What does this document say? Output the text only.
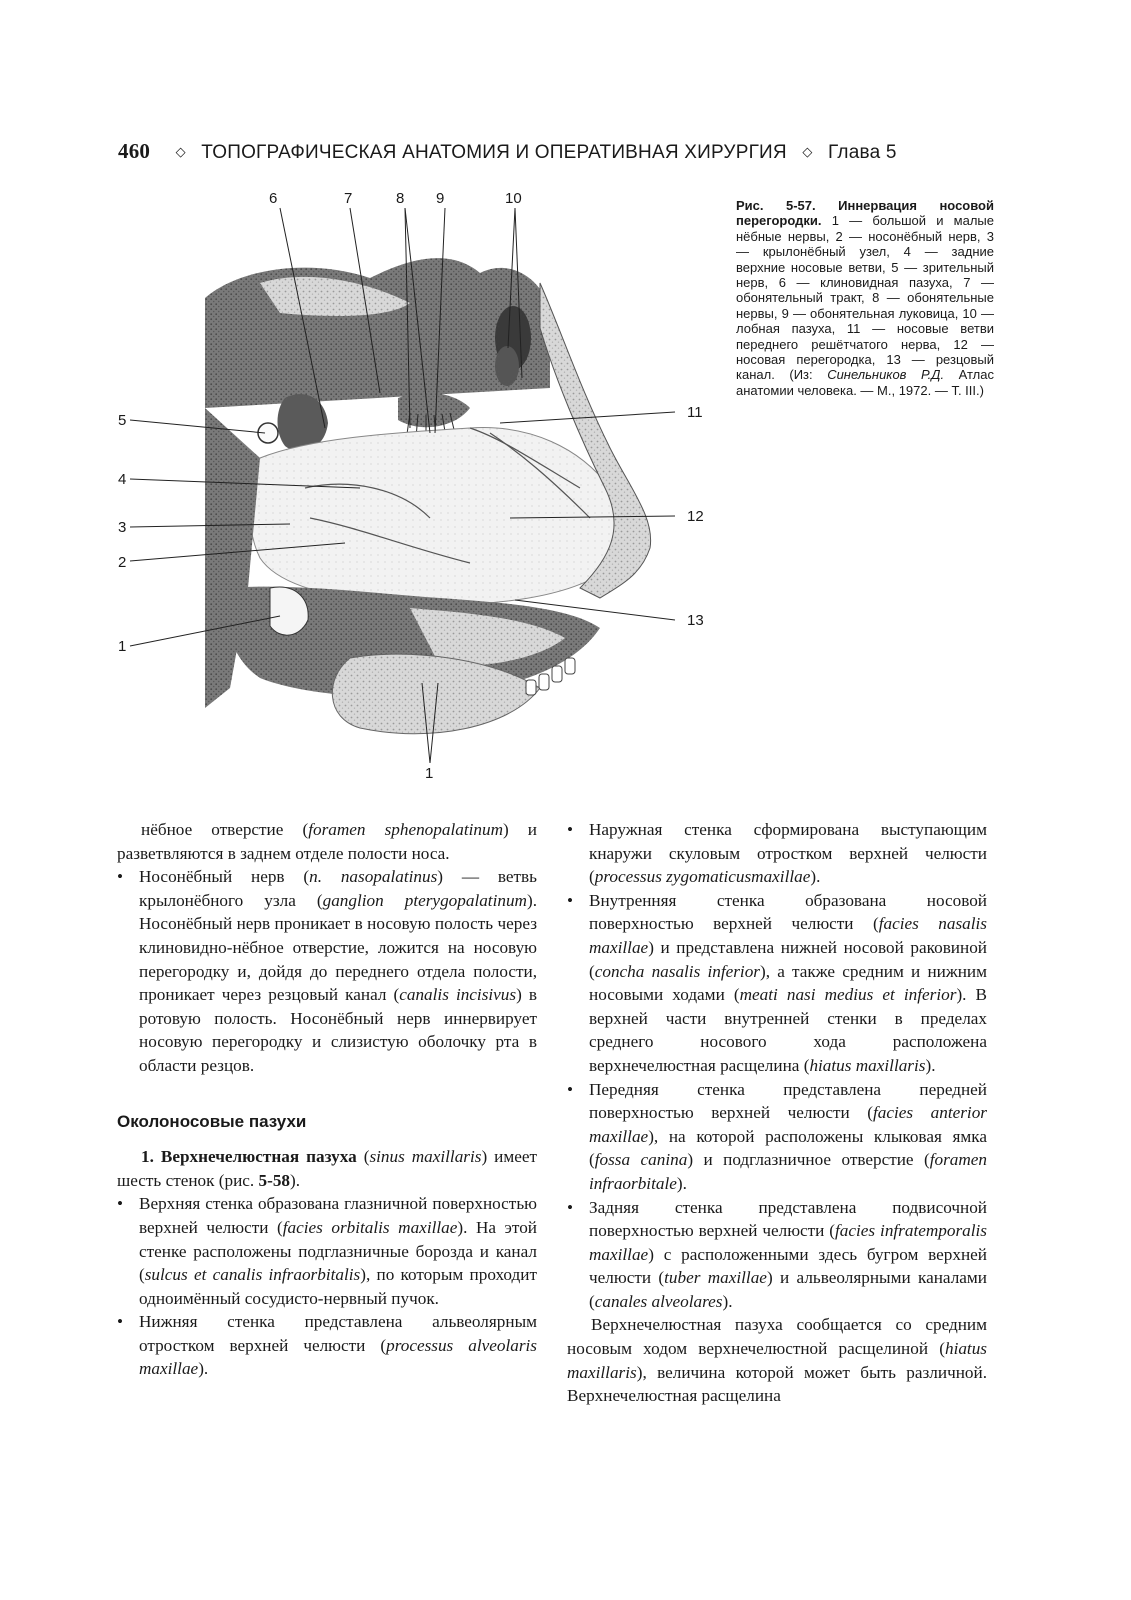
460 ◇ ТОПОГРАФИЧЕСКАЯ АНАТОМИЯ И ОПЕРАТИВНАЯ ХИРУРГИЯ ◇ Глава 5
6	7	8 9	10
5
4
3
2
1
11
12
13
1
Рис. 5-57. Иннервация носовой перегородки. 1 — большой и малые нёбные нервы, 2 — носонёбный нерв, 3 — крылонёбный узел, 4 — задние верхние носовые ветви, 5 — зрительный нерв, 6 — клиновидная пазуха, 7 — обонятельный тракт, 8 — обонятельные нервы, 9 — обонятельная луковица, 10 — лобная пазуха, 11 — носовые ветви переднего решётчатого нерва, 12 — носовая перегородка, 13 — резцовый канал. (Из: Синельников Р.Д. Атлас анатомии человека. — М., 1972. — Т. III.)

нёбное отверстие (foramen sphenopalatinum) и разветвляются в заднем отделе полости носа.

• Носонёбный нерв (n. nasopalatinus) — ветвь крылонёбного узла (ganglion pterygopalatinum). Носонёбный нерв проникает в носовую полость через клиновидно-нёбное отверстие, ложится на носовую перегородку и, дойдя до переднего отдела полости, проникает через резцовый канал (canalis incisivus) в ротовую полость. Носонёбный нерв иннервирует носовую перегородку и слизистую оболочку рта в области резцов.

Околоносовые пазухи

1. Верхнечелюстная пазуха (sinus maxillaris) имеет шесть стенок (рис. 5-58).

• Верхняя стенка образована глазничной поверхностью верхней челюсти (facies orbitalis maxillae). На этой стенке расположены подглазничные борозда и канал (sulcus et canalis infraorbitalis), по которым проходит одноимённый сосудисто-нервный пучок.

• Нижняя стенка представлена альвеолярным отростком верхней челюсти (processus alveolaris maxillae).

• Наружная стенка сформирована выступающим кнаружи скуловым отростком верхней челюсти (processus zygomaticusmaxillae).

• Внутренняя стенка образована носовой поверхностью верхней челюсти (facies nasalis maxillae) и представлена нижней носовой раковиной (concha nasalis inferior), а также средним и нижним носовыми ходами (meati nasi medius et inferior). В верхней части внутренней стенки в пределах среднего носового хода расположена верхнечелюстная расщелина (hiatus maxillaris).

• Передняя стенка представлена передней поверхностью верхней челюсти (facies anterior maxillae), на которой расположены клыковая ямка (fossa canina) и подглазничное отверстие (foramen infraorbitale).

• Задняя стенка представлена подвисочной поверхностью верхней челюсти (facies infratemporalis maxillae) с расположенными здесь бугром верхней челюсти (tuber maxillae) и альвеолярными каналами (canales alveolares).

Верхнечелюстная пазуха сообщается со средним носовым ходом верхнечелюстной расщелиной (hiatus maxillaris), величина которой может быть различной. Верхнечелюстная расщелина
